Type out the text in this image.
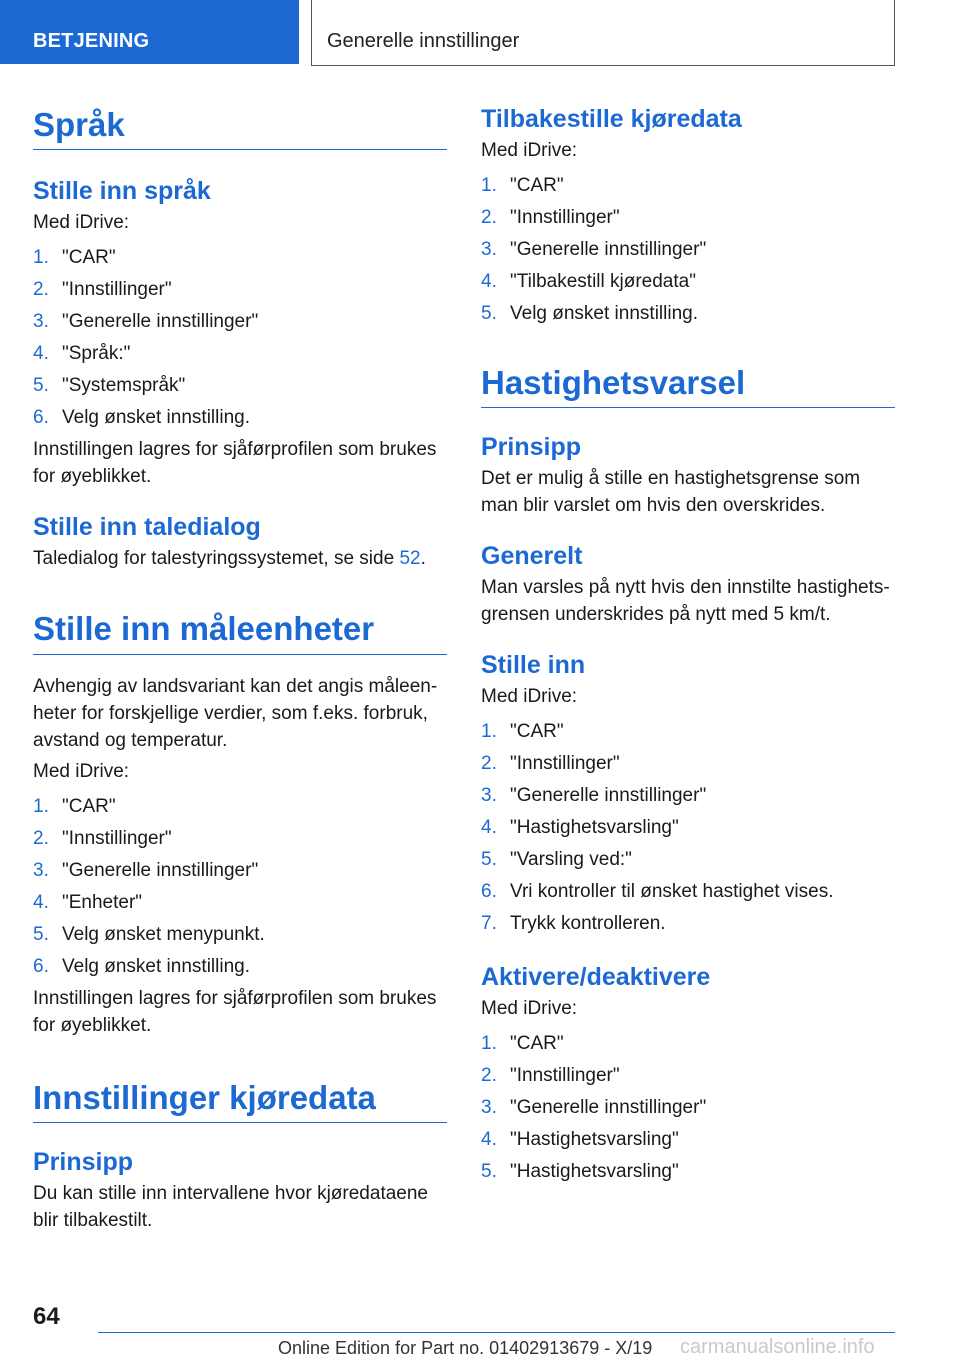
BETJENING	Generelle innstillinger
Språk
Stille inn språk

Med iDrive:

1. "CAR"
2. "Innstillinger"
3. "Generelle innstillinger"
4. "Språk:"
5. "Systemspråk"
6. Velg ønsket innstilling.

Innstillingen lagres for sjåførprofilen som brukes for øyeblikket.

Stille inn taledialog

Taledialog for talestyringssystemet, se side 52.

Stille inn måleenheter

Avhengig av landsvariant kan det angis måleen-heter for forskjellige verdier, som f.eks. forbruk, avstand og temperatur.

Med iDrive:

1. "CAR"
2. "Innstillinger"
3. "Generelle innstillinger"
4. "Enheter"
5. Velg ønsket menypunkt.
6. Velg ønsket innstilling.

Innstillingen lagres for sjåførprofilen som brukes for øyeblikket.

Innstillinger kjøredata
Prinsipp

Du kan stille inn intervallene hvor kjøredataene blir tilbakestilt.

Tilbakestille kjøredata

Med iDrive:

1. "CAR"
2. "Innstillinger"
3. "Generelle innstillinger"
4. "Tilbakestill kjøredata"
5. Velg ønsket innstilling.
Hastighetsvarsel
Prinsipp

Det er mulig å stille en hastighetsgrense som man blir varslet om hvis den overskrides.

Generelt

Man varsles på nytt hvis den innstilte hastighets-grensen underskrides på nytt med 5 km/t.

Stille inn

Med iDrive:

1. "CAR"
2. "Innstillinger"
3. "Generelle innstillinger"
4. "Hastighetsvarsling"
5. "Varsling ved:"
6. Vri kontroller til ønsket hastighet vises.
7. Trykk kontrolleren.
Aktivere/deaktivere

Med iDrive:

1. "CAR"
2. "Innstillinger"
3. "Generelle innstillinger"
4. "Hastighetsvarsling"
5. "Hastighetsvarsling"
64
Online Edition for Part no. 01402913679 - X/19 carmanualsonline.info
